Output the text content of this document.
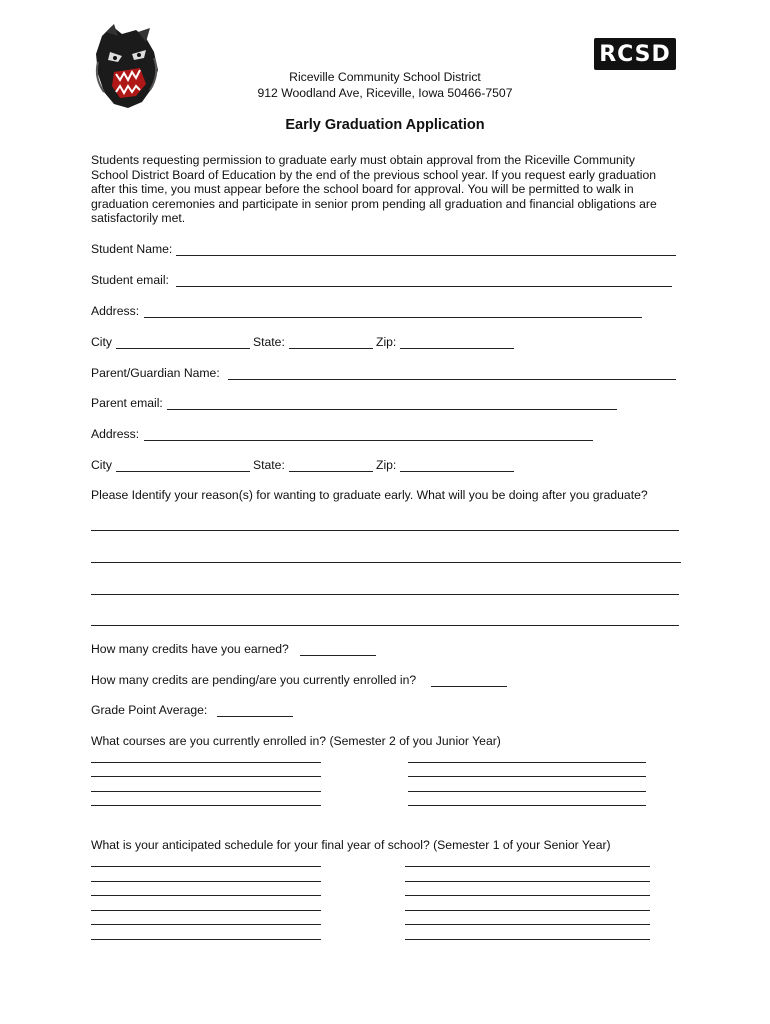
RCSD
Riceville Community School District
912 Woodland Ave, Riceville, Iowa 50466-7507
Early Graduation Application
Students requesting permission to graduate early must obtain approval from the Riceville Community
School District Board of Education by the end of the previous school year. If you request early graduation
after this time, you must appear before the school board for approval. You will be permitted to walk in
graduation ceremonies and participate in senior prom pending all graduation and financial obligations are
satisfactorily met.
Student Name:
Student email:
Address:
City	State:	Zip:
Parent/Guardian Name:
Parent email:
Address:
City	State:	Zip:
Please Identify your reason(s) for wanting to graduate early. What will you be doing after you graduate?
How many credits have you earned?
How many credits are pending/are you currently enrolled in?
Grade Point Average:
What courses are you currently enrolled in? (Semester 2 of you Junior Year)
What is your anticipated schedule for your final year of school? (Semester 1 of your Senior Year)
